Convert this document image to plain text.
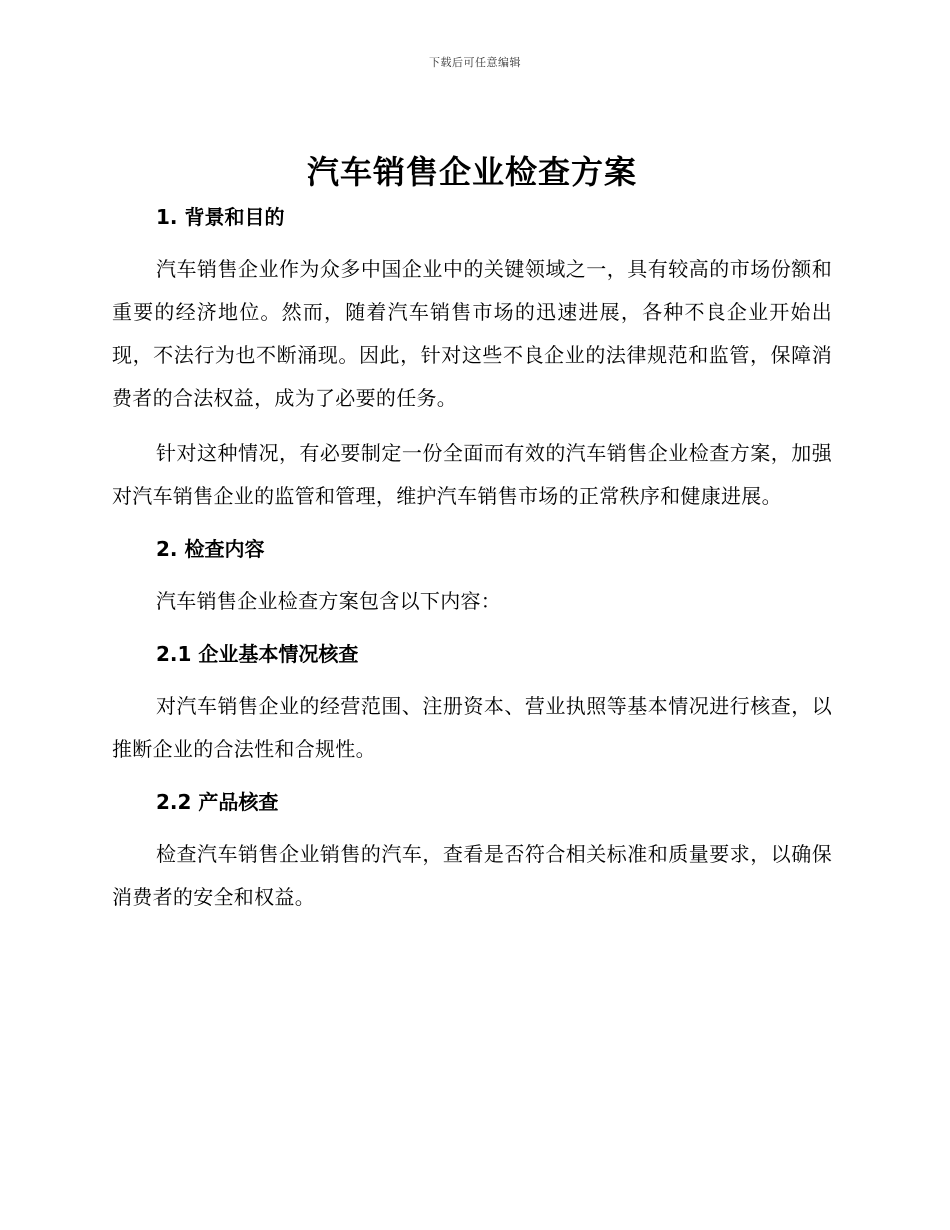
下载后可任意编辑
汽车销售企业检查方案
1. 背景和目的

汽车销售企业作为众多中国企业中的关键领域之一，具有较高的市场份额和重要的经济地位。然而，随着汽车销售市场的迅速进展，各种不良企业开始出现，不法行为也不断涌现。因此，针对这些不良企业的法律规范和监管，保障消费者的合法权益，成为了必要的任务。

针对这种情况，有必要制定一份全面而有效的汽车销售企业检查方案，加强对汽车销售企业的监管和管理，维护汽车销售市场的正常秩序和健康进展。

2. 检查内容

汽车销售企业检查方案包含以下内容：

2.1 企业基本情况核查

对汽车销售企业的经营范围、注册资本、营业执照等基本情况进行核查，以推断企业的合法性和合规性。

2.2 产品核查

检查汽车销售企业销售的汽车，查看是否符合相关标准和质量要求，以确保消费者的安全和权益。
